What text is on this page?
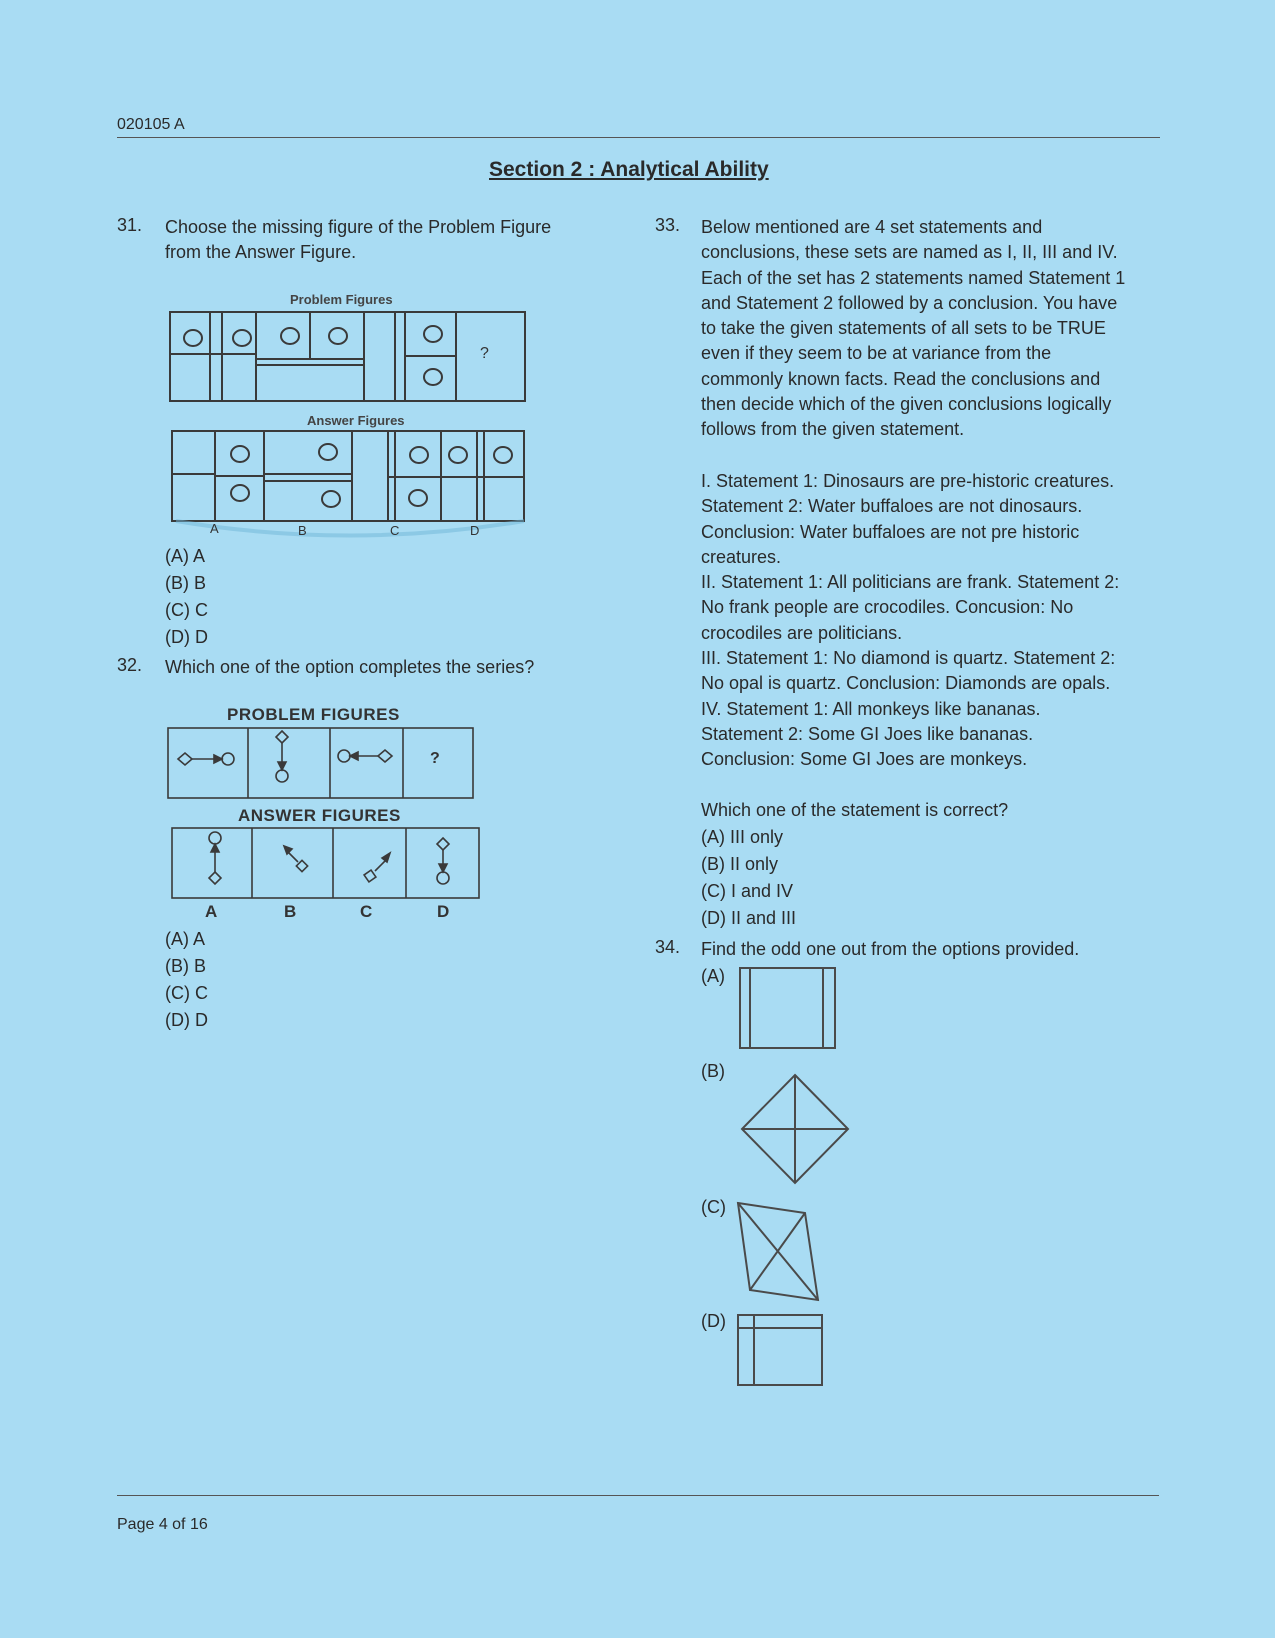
020105 A
Section 2 : Analytical Ability
31. Choose the missing figure of the Problem Figure
from the Answer Figure.
Problem Figures
?
Answer Figures
A	B	C	D
(A) A
(B) B
(C) C
(D) D
32. Which one of the option completes the series?
PROBLEM FIGURES
?
ANSWER FIGURES
A	B	C	D
(A) A
(B) B
(C) C
(D) D
33. Below mentioned are 4 set statements and
conclusions, these sets are named as I, II, III and IV.
Each of the set has 2 statements named Statement 1
and Statement 2 followed by a conclusion. You have
to take the given statements of all sets to be TRUE
even if they seem to be at variance from the
commonly known facts. Read the conclusions and
then decide which of the given conclusions logically
follows from the given statement.
I. Statement 1: Dinosaurs are pre-historic creatures.
Statement 2: Water buffaloes are not dinosaurs.
Conclusion: Water buffaloes are not pre historic
creatures.
II. Statement 1: All politicians are frank. Statement 2:
No frank people are crocodiles. Concusion: No
crocodiles are politicians.
III. Statement 1: No diamond is quartz. Statement 2:
No opal is quartz. Conclusion: Diamonds are opals.
IV. Statement 1: All monkeys like bananas.
Statement 2: Some GI Joes like bananas.
Conclusion: Some GI Joes are monkeys.
Which one of the statement is correct?
(A) III only
(B) II only
(C) I and IV
(D) II and III
34. Find the odd one out from the options provided.
(A)
(B)
(C)
(D)
Page 4 of 16
